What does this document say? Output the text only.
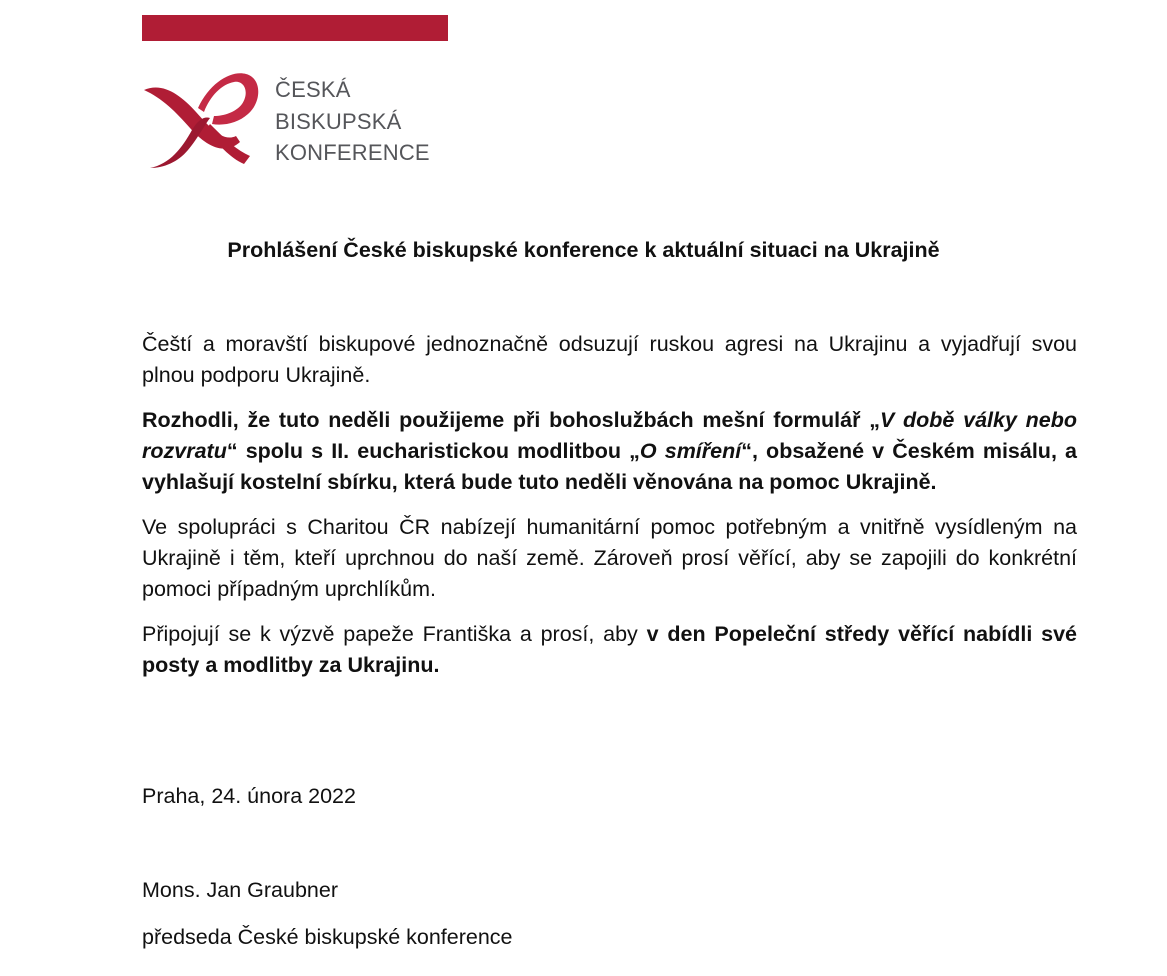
ČESKÁ
BISKUPSKÁ
KONFERENCE
Prohlášení České biskupské konference k aktuální situaci na Ukrajině

Čeští a moravští biskupové jednoznačně odsuzují ruskou agresi na Ukrajinu a vyjadřují svou plnou podporu Ukrajině.

Rozhodli, že tuto neděli použijeme při bohoslužbách mešní formulář „V době války nebo rozvratu“ spolu s II. eucharistickou modlitbou „O smíření“, obsažené v Českém misálu, a vyhlašují kostelní sbírku, která bude tuto neděli věnována na pomoc Ukrajině.

Ve spolupráci s Charitou ČR nabízejí humanitární pomoc potřebným a vnitřně vysídleným na Ukrajině i těm, kteří uprchnou do naší země. Zároveň prosí věřící, aby se zapojili do konkrétní pomoci případným uprchlíkům.

Připojují se k výzvě papeže Františka a prosí, aby v den Popeleční středy věřící nabídli své posty a modlitby za Ukrajinu.

Praha, 24. února 2022
Mons. Jan Graubner
předseda České biskupské konference
